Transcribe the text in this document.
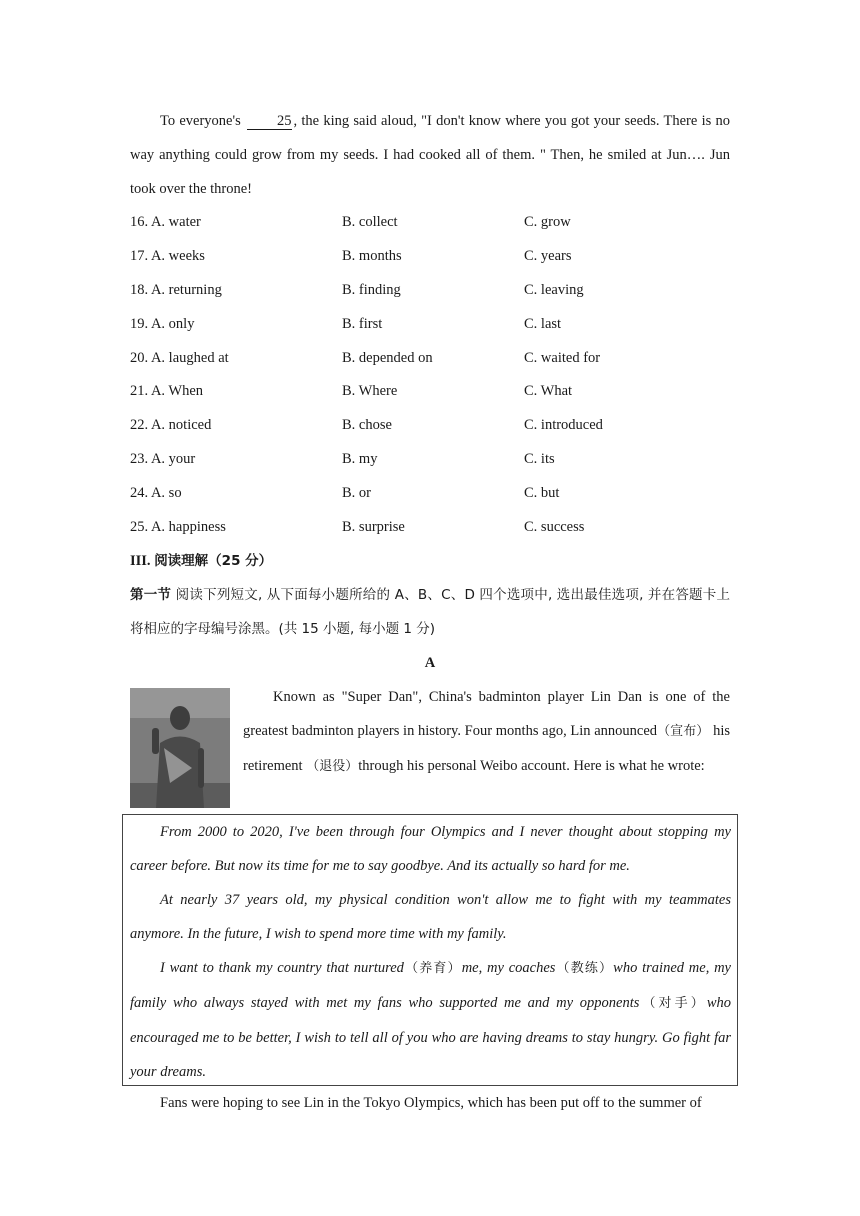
To everyone's 25 , the king said aloud, "I don't know where you got your seeds. There is no way anything could grow from my seeds. I had cooked all of them. " Then, he smiled at Jun…. Jun took over the throne!

16. A. water	B. collect	C. grow
17. A. weeks	B. months	C. years
18. A. returning	B. finding	C. leaving
19. A. only	B. first	C. last
20. A. laughed at	B. depended on	C. waited for
21. A. When	B. Where	C. What
22. A. noticed	B. chose	C. introduced
23. A. your	B. my	C. its
24. A. so	B. or	C. but
25. A. happiness	B. surprise	C. success

III. 阅读理解（25 分）

第一节 阅读下列短文, 从下面每小题所给的 A、B、C、D 四个选项中, 选出最佳选项, 并在答题卡上将相应的字母编号涂黑。(共 15 小题, 每小题 1 分)

A

Known as "Super Dan", China's badminton player Lin Dan is one of the greatest badminton players in history. Four months ago, Lin announced（宣布） his retirement （退役）through his personal Weibo account. Here is what he wrote:

From 2000 to 2020, I've been through four Olympics and I never thought about stopping my career before. But now its time for me to say goodbye. And its actually so hard for me.

At nearly 37 years old, my physical condition won't allow me to fight with my teammates anymore. In the future, I wish to spend more time with my family.

I want to thank my country that nurtured（养育）me, my coaches（教练）who trained me, my family who always stayed with met my fans who supported me and my opponents（对手）who encouraged me to be better, I wish to tell all of you who are having dreams to stay hungry. Go fight far your dreams.

Fans were hoping to see Lin in the Tokyo Olympics, which has been put off to the summer of
